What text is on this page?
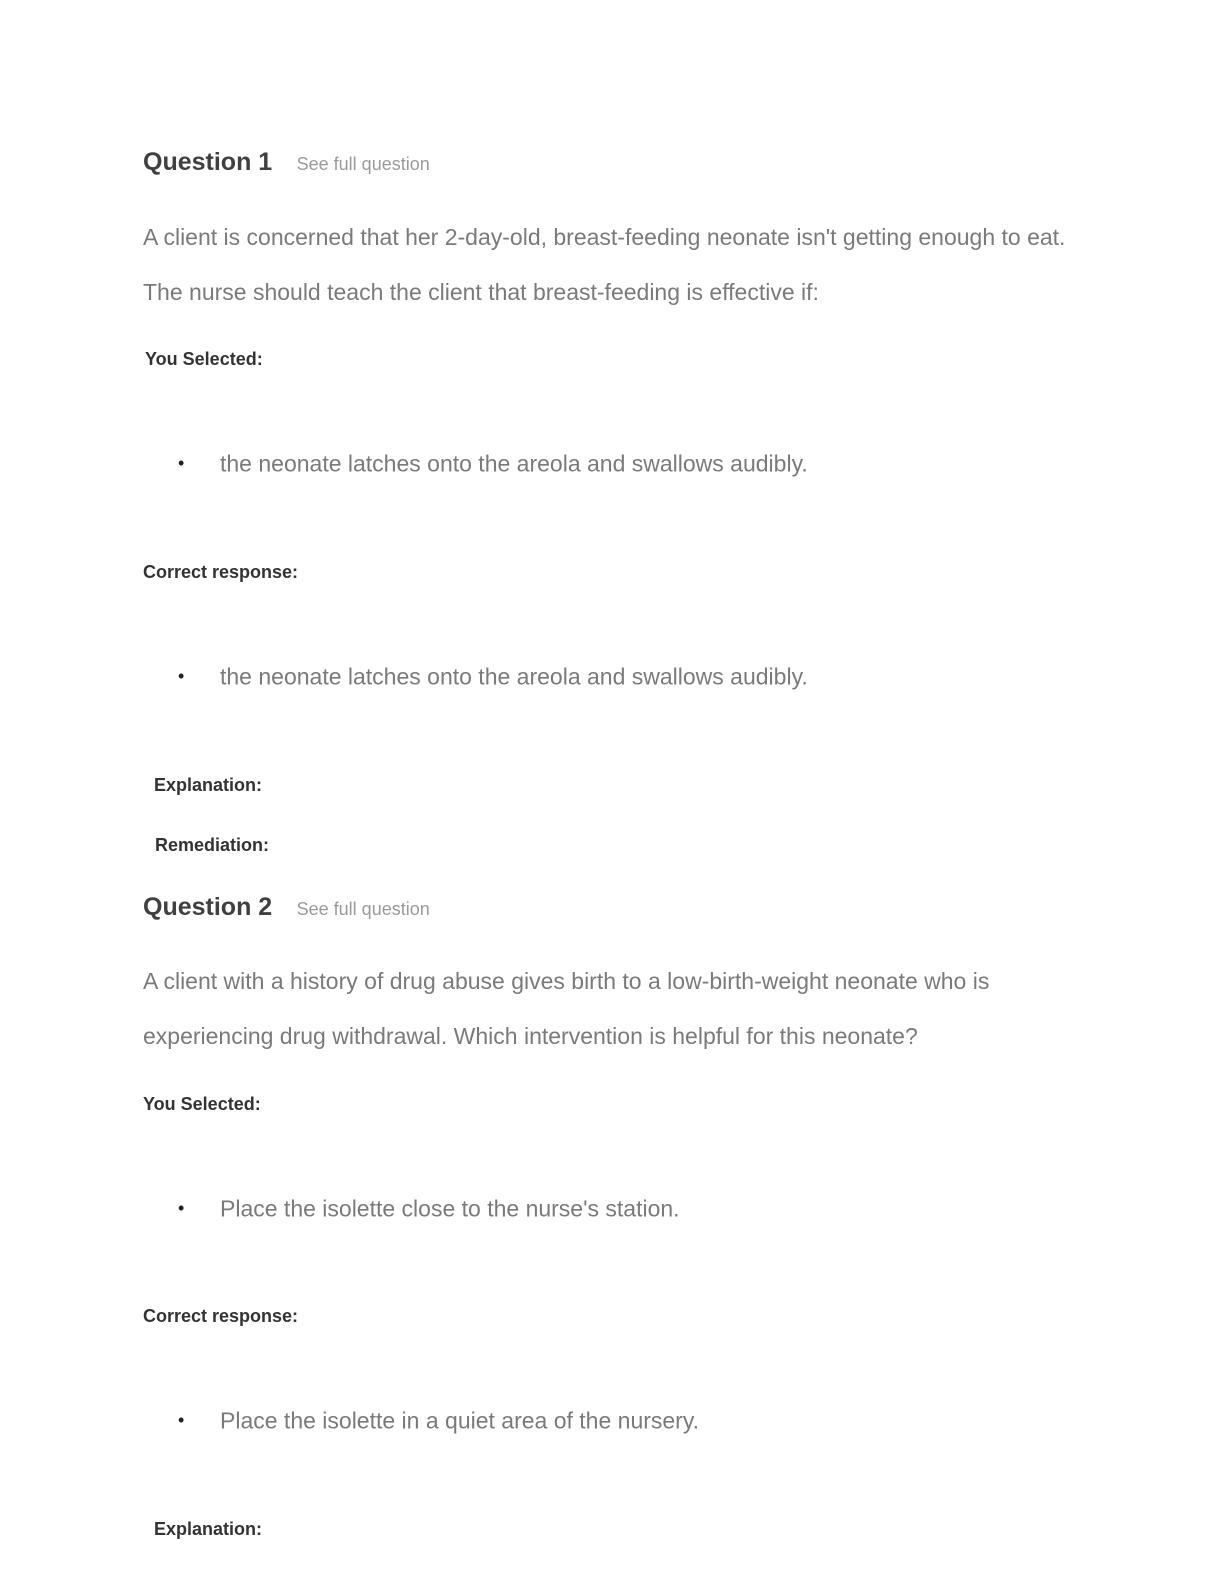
Question 1 See full question

A client is concerned that her 2-day-old, breast-feeding neonate isn't getting enough to eat. The nurse should teach the client that breast-feeding is effective if:

You Selected:
• the neonate latches onto the areola and swallows audibly.
Correct response:
• the neonate latches onto the areola and swallows audibly.
Explanation:
Remediation:
Question 2 See full question

A client with a history of drug abuse gives birth to a low-birth-weight neonate who is experiencing drug withdrawal. Which intervention is helpful for this neonate?

You Selected:
• Place the isolette close to the nurse's station.
Correct response:
• Place the isolette in a quiet area of the nursery.
Explanation:
